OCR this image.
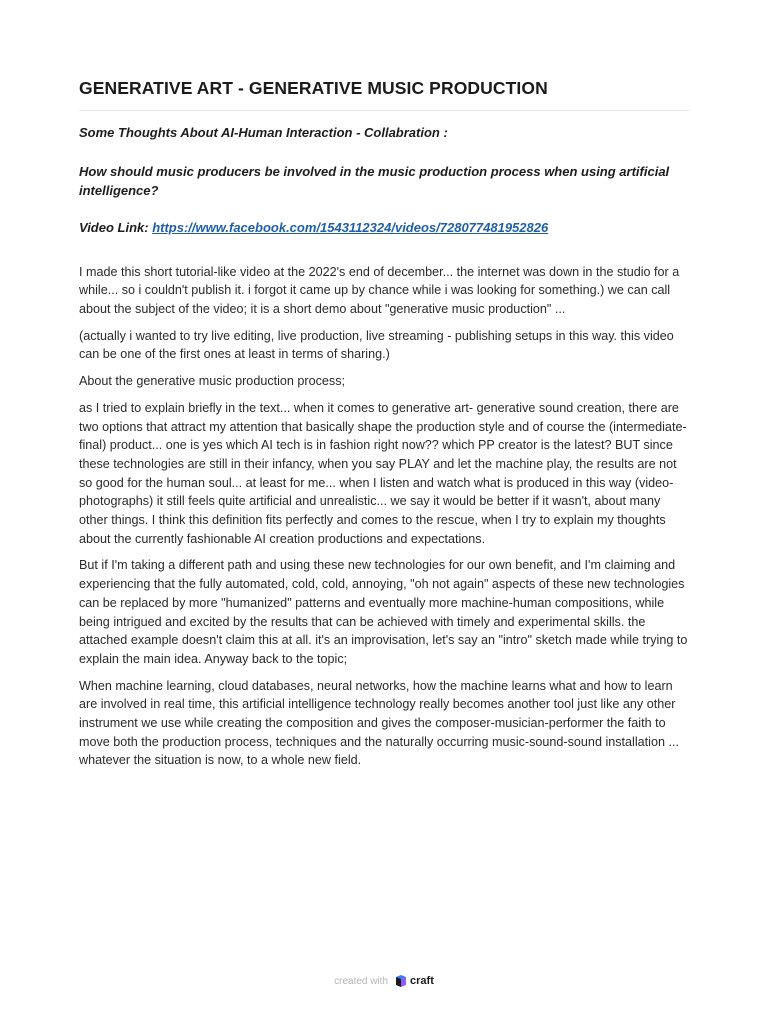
GENERATIVE ART - GENERATIVE MUSIC PRODUCTION

Some Thoughts About AI-Human Interaction - Collabration :

How should music producers be involved in the music production process when using artificial intelligence?

Video Link: https://www.facebook.com/1543112324/videos/728077481952826

I made this short tutorial-like video at the 2022's end of december... the internet was down in the studio for a while... so i couldn't publish it. i forgot it came up by chance while i was looking for something.) we can call about the subject of the video; it is a short demo about "generative music production" ...

(actually i wanted to try live editing, live production, live streaming - publishing setups in this way. this video can be one of the first ones at least in terms of sharing.)

About the generative music production process;

as I tried to explain briefly in the text... when it comes to generative art- generative sound creation, there are two options that attract my attention that basically shape the production style and of course the (intermediate-final) product... one is yes which AI tech is in fashion right now?? which PP creator is the latest? BUT since these technologies are still in their infancy, when you say PLAY and let the machine play, the results are not so good for the human soul... at least for me... when I listen and watch what is produced in this way (video-photographs) it still feels quite artificial and unrealistic... we say it would be better if it wasn't, about many other things. I think this definition fits perfectly and comes to the rescue, when I try to explain my thoughts about the currently fashionable AI creation productions and expectations.

But if I'm taking a different path and using these new technologies for our own benefit, and I'm claiming and experiencing that the fully automated, cold, cold, annoying, "oh not again" aspects of these new technologies can be replaced by more "humanized" patterns and eventually more machine-human compositions, while being intrigued and excited by the results that can be achieved with timely and experimental skills. the attached example doesn't claim this at all. it's an improvisation, let's say an "intro" sketch made while trying to explain the main idea. Anyway back to the topic;

When machine learning, cloud databases, neural networks, how the machine learns what and how to learn are involved in real time, this artificial intelligence technology really becomes another tool just like any other instrument we use while creating the composition and gives the composer-musician-performer the faith to move both the production process, techniques and the naturally occurring music-sound-sound installation ... whatever the situation is now, to a whole new field.

created with craft
